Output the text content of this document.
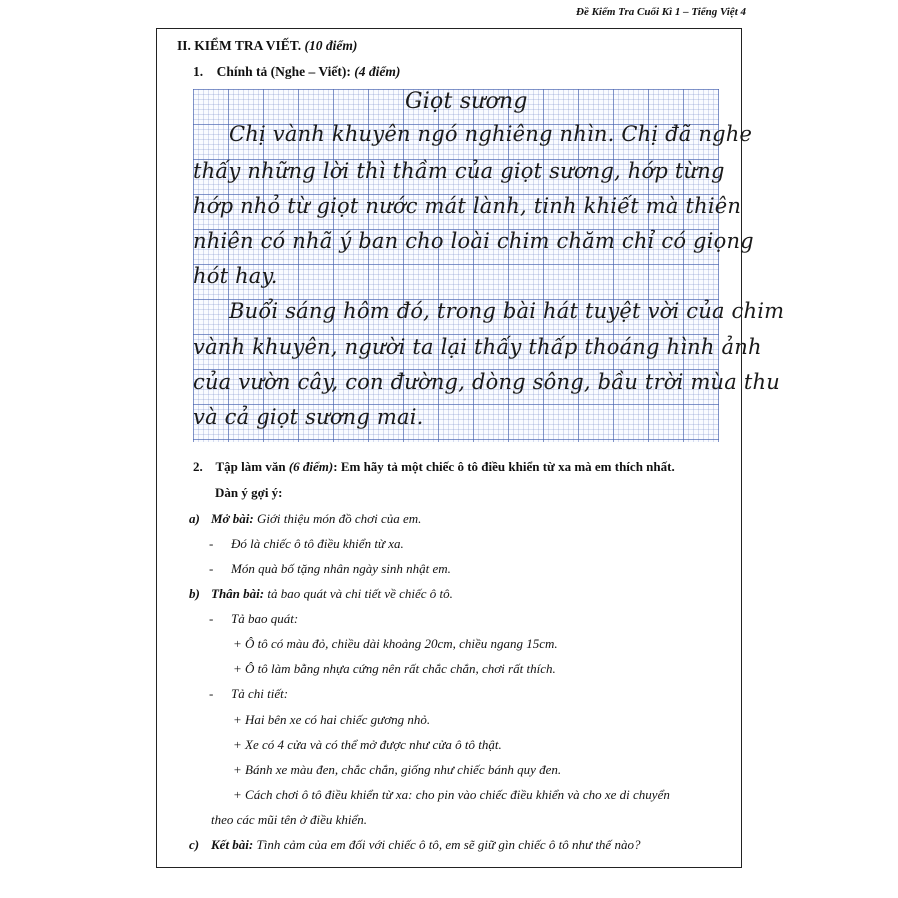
Đề Kiểm Tra Cuối Kì 1 – Tiếng Việt 4
II. KIỂM TRA VIẾT. (10 điểm)
1. Chính tả (Nghe – Viết): (4 điểm)
Giọt sương
Chị vành khuyên ngó nghiêng nhìn. Chị đã nghe
thấy những lời thì thầm của giọt sương, hớp từng
hớp nhỏ từ giọt nước mát lành, tinh khiết mà thiên
nhiên có nhã ý ban cho loài chim chăm chỉ có giọng
hót hay.
Buổi sáng hôm đó, trong bài hát tuyệt vời của chim
vành khuyên, người ta lại thấy thấp thoáng hình ảnh
của vườn cây, con đường, dòng sông, bầu trời mùa thu
và cả giọt sương mai.
2. Tập làm văn (6 điểm): Em hãy tả một chiếc ô tô điều khiển từ xa mà em thích nhất.
Dàn ý gợi ý:
a) Mở bài: Giới thiệu món đồ chơi của em.
- Đó là chiếc ô tô điều khiển từ xa.
- Món quà bố tặng nhân ngày sinh nhật em.
b) Thân bài: tả bao quát và chi tiết về chiếc ô tô.
- Tả bao quát:
+ Ô tô có màu đỏ, chiều dài khoảng 20cm, chiều ngang 15cm.
+ Ô tô làm bằng nhựa cứng nên rất chắc chắn, chơi rất thích.
- Tả chi tiết:
+ Hai bên xe có hai chiếc gương nhỏ.
+ Xe có 4 cửa và có thể mở được như cửa ô tô thật.
+ Bánh xe màu đen, chắc chắn, giống như chiếc bánh quy đen.
+ Cách chơi ô tô điều khiển từ xa: cho pin vào chiếc điều khiển và cho xe di chuyển
theo các mũi tên ở điều khiển.
c) Kết bài: Tình cảm của em đối với chiếc ô tô, em sẽ giữ gìn chiếc ô tô như thế nào?
